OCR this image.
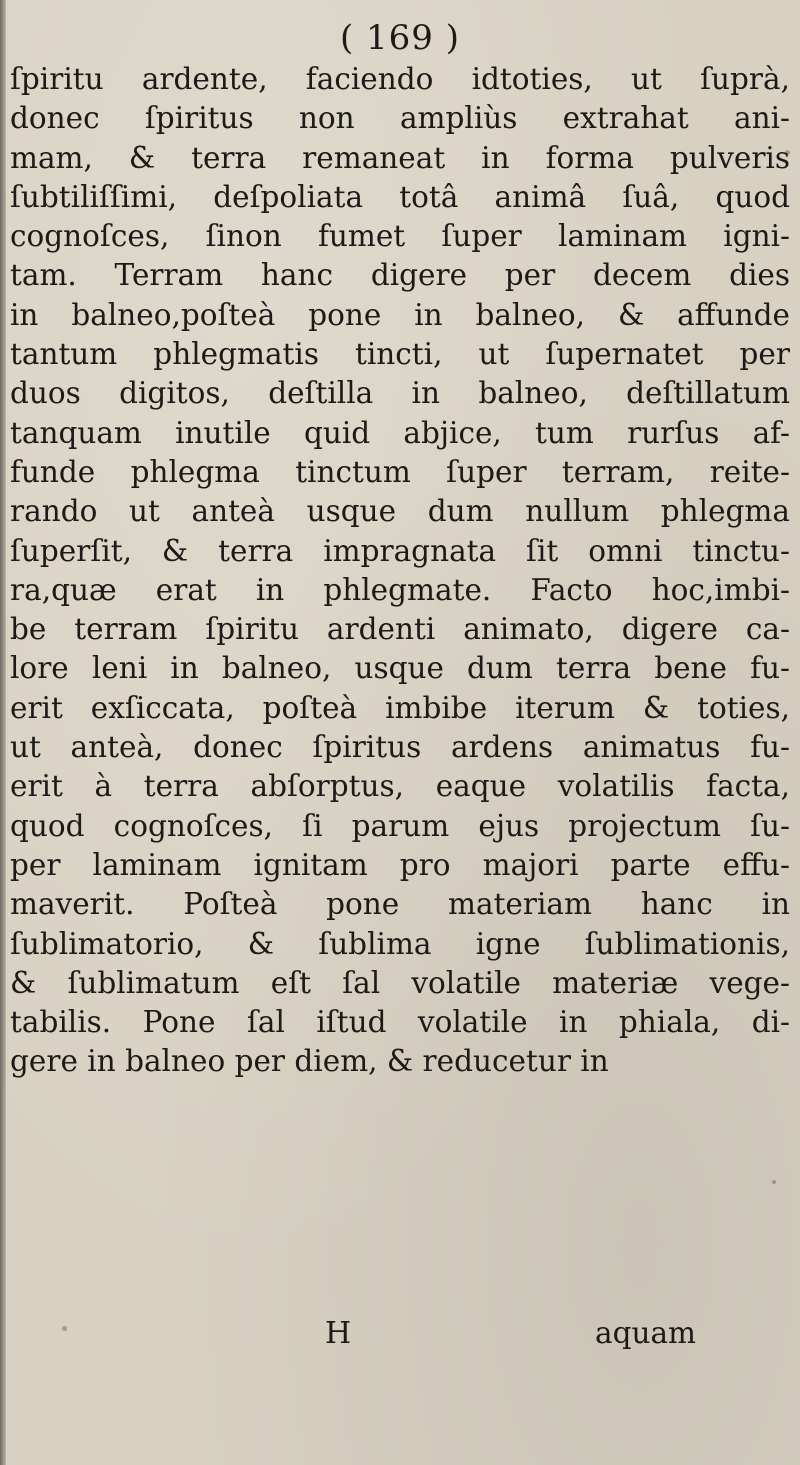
( 169 )
ſpiritu ardente, faciendo idtoties, ut ſuprà,
donec ſpiritus non ampliùs extrahat ani-
mam, & terra remaneat in forma pulveris
ſubtiliſſimi, deſpoliata totâ animâ ſuâ, quod
cognoſces, ſinon fumet ſuper laminam igni-
tam. Terram hanc digere per decem dies
in balneo,poſteà pone in balneo, & affunde
tantum phlegmatis tincti, ut ſupernatet per
duos digitos, deſtilla in balneo, deſtillatum
tanquam inutile quid abjice, tum rurſus af-
funde phlegma tinctum ſuper terram, reite-
rando ut anteà usque dum nullum phlegma
ſuperſit, & terra impragnata ſit omni tinctu-
ra,quæ erat in phlegmate. Facto hoc,imbi-
be terram ſpiritu ardenti animato, digere ca-
lore leni in balneo, usque dum terra bene fu-
erit exſiccata, poſteà imbibe iterum & toties,
ut anteà, donec ſpiritus ardens animatus fu-
erit à terra abſorptus, eaque volatilis facta,
quod cognoſces, ſi parum ejus projectum ſu-
per laminam ignitam pro majori parte effu-
maverit. Poſteà pone materiam hanc in
ſublimatorio, & ſublima igne ſublimationis,
& ſublimatum eſt ſal volatile materiæ vege-
tabilis. Pone ſal iſtud volatile in phiala, di-
gere in balneo per diem, & reducetur in
H	aquam
